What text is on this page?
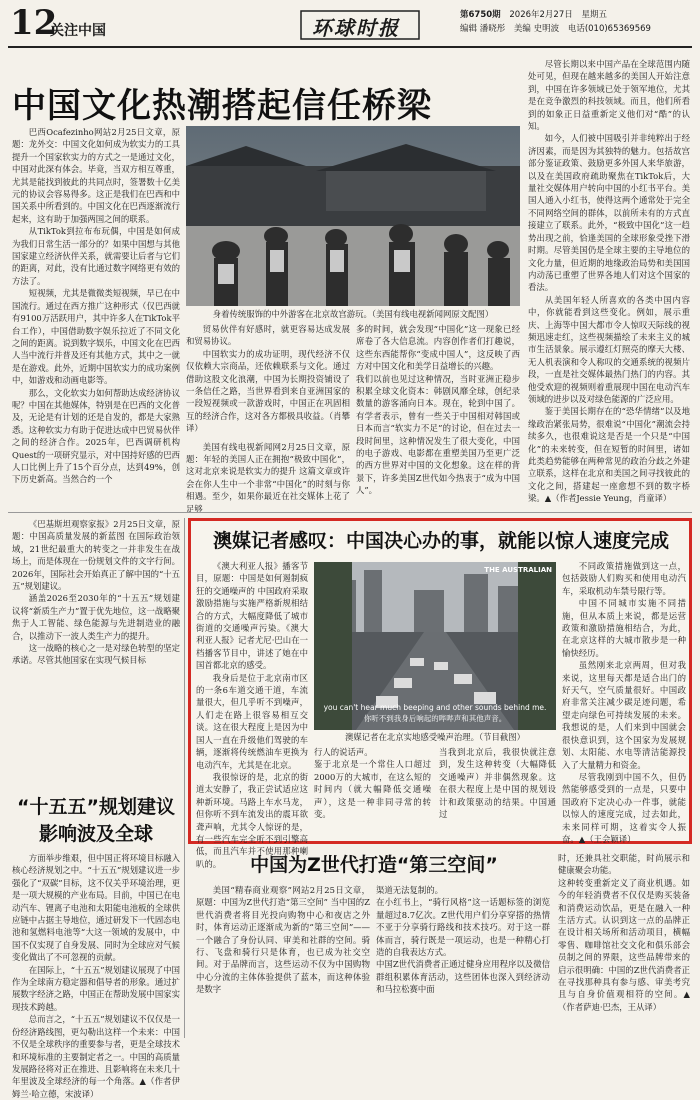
12
关注中国	环球时报
第6750期 2026年2月27日 星期五
编辑 潘晓彤 美编 史明波 电话(010)65369569
中国文化热潮搭起信任桥梁

巴西Ocafezinho网站2月25日文章，原题：龙外交：中国文化如何成为软实力的工具 提升一个国家软实力的方式之一是通过文化，中国对此深有体会。毕竟，当双方相互尊重，尤其是能找到彼此的共同点时，签署数十亿美元的协议会容易得多。这正是我们在巴西和中国关系中所看到的。中国文化在巴西逐渐流行起来，这有助于加强两国之间的联系。

从TikTok到拉布布玩偶，中国是如何成为我们日常生活一部分的？如果中国想与其他国家建立经济伙伴关系，就需要让后者与它们的距离，对此，没有比通过数字网络更有效的方法了。

短视频，尤其是微微类短视频，早已在中国流行。通过在西方推广这种形式（仅巴西就有9100万活跃用户，其中许多人在TikTok平台工作），中国借助数字娱乐拉近了不同文化之间的距离。说到数字娱乐，中国文化在巴西人当中流行并普及还有其他方式，其中之一就是在游戏。此外，近期中国软实力的成功案例中，如游戏和动画电影等。

那么，文化软实力如何帮助达成经济协议呢？中国在其他媒体，特别是在巴西的文化普及，无论是有计划的还是自发的，都是大家熟悉。这种软实力有助于促进达成中巴贸易伙伴之间的经济合作。2025年，巴西调研机构Quest的一项研究显示，对中国持好感的巴西人口比例上升了15个百分点，达到49%，创下历史新高。当然合约一个

身着传统服饰的中外游客在北京故宫游玩。（美国有线电视新闻网原文配图）

贸易伙伴有好感时，就更容易达成发展和贸易协议。

中国软实力的成功证明，现代经济不仅仅依赖大宗商品，还依赖联系与文化。通过借助这股文化浪潮，中国为长期投资铺设了一条信任之路，当世界看到来自亚洲国家的一段短视频或一款游戏时，中国正在巩固相互的经济合作，这对各方都极具收益。（肖攀译）

美国有线电视新闻网2月25日文章，原题：年轻的美国人正在拥抱“极致中国化”，这对北京来说是软实力的提升 这篇文章或许会在你人生中一个非常“中国化”的时刻与你相遇。至少，如果你最近在社交媒体上花了足够

多的时间，就会发现“中国化”这一现象已经席卷了各大信息流。内容创作者们打趣说，这些东西能帮你“变成中国人”，这反映了西方对中国文化和美学日益增长的兴趣。
我们以前也见过这种情况，当时亚洲正稳步积累全球文化资本：韩剧风靡全球，创纪录数量的游客涌向日本。现在，轮到中国了。有学者表示，曾有一些关于中国相对韩国或日本而言“软实力不足”的讨论，但在过去一段时间里，这种情况发生了很大变化，中国的电子游戏、电影都在重塑美国乃至更广泛的西方世界对中国的文化想象。这在样的背景下，许多美国Z世代如今热衷于“成为中国人”。

尽管长期以来中国产品在全球范围内随处可见，但现在越来越多的美国人开始注意到，中国在许多领域已处于领军地位，尤其是在竞争激烈的科技领域。而且，他们所看到的如象正日益重新定义他们对“酷”的认知。

如今，人们被中国吸引并非纯粹出于经济因素，而是因为其独特的魅力。包括故宫部分鉴证政策、鼓励更多外国人来华旅游，以及在美国政府疏助聚焦在TikTok后，大量社交媒体用户转向中国的小红书平台。美国人通入小红书，使得这两个通常处于完全不同网络空间的群体，以前所未有的方式直接建立了联系。此外，“极致中国化”这一趋势出现之前，恰逢美国的全球形象受挫下滑时期。尽管美国仍是全球主要的主导地位的文化力量，但近期的地缘政治局势和美国国内动荡已重塑了世界各地人们对这个国家的看法。

从美国年轻人所喜欢的各类中国内容中，你就能看到这些变化。例如，展示重庆、上海等中国大都市令人惊叹天际线的视频迅速走红，这些视频描绘了未来主义的城市生活景象。展示遵红灯照亮的摩天大楼、无人机表演和令人称叹的交通系统的视频片段，一直是社交媒体最热门热门的内容。其他受欢迎的视频则着重展现中国在电动汽车领域的进步以及对绿色能源的广泛应用。

鉴于美国长期存在的“恐华情绪”以及地缘政治紧张局势，很难说“中国化”潮流会持续多久，也很难说这是否是一个只是“中国化”的未来转变，但在短暂的时间里，诸如此类趋势能够在两种常见的政治分歧之外建立联系，这样在北京和美国之间寻找彼此的文化之间，搭建起一座愈想不到的数字桥梁。▲（作者Jessie Yeung，肖童译）

《巴基斯坦观察家报》2月25日文章，原题：中国高质量发展的新蓝图 在国际政治领域，21世纪最重大的转变之一并非发生在战场上，而是体现在一份规划文件的文字行间。2026年，国际社会开始真正了解中国的“十五五”规划建议。

涵盖2026至2030年的“十五五”规划建议将“新质生产力”置于优先地位，这一战略聚焦于人工智能、绿色能源与先进制造业的融合，以推动下一波人类生产力的提升。

这一战略的核心之一是对绿色转型的坚定承诺。尽管其他国家在实现气候目标

“十五五”规划建议影响波及全球

方面举步维艰，但中国正将环境目标融入核心经济规划之中。“十五五”规划建议进一步强化了“双碳”目标，这不仅关乎环境治理，更是一项大规模的产业布局。目前，中国已在电动汽车、锂离子电池和太阳能电池板的全球供应链中占据主导地位，通过研发下一代固态电池和氢燃料电池等“大这一领域的发展中，中国不仅实现了自身发展、同时为全球应对气候变化做出了不可忽视的贡献。

在国际上，“十五五”规划建议展现了中国作为全球南方稳定器和倡导者的形象。通过扩展数字经济之路，中国正在帮助发展中国家实现技术跨越。

总而言之，“十五五”规划建议不仅仅是一份经济路线图，更勾勒出这样一个未来：中国不仅是全球秩序的重要参与者，更是全球技术和环境标准的主要制定者之一。中国的高质量发展路径将对正在推进、且影响将在未来几十年里波及全球经济的每一个角落。▲（作者伊姆兰·哈立德，宋波译）

澳媒记者感叹：中国决心办的事，就能以惊人速度完成

《澳大利亚人报》播客节目，原题：中国是如何遏制疯狂的交通噪声的 中国政府采取激励措施与实施严格新规相结合的方式，大幅度降低了城市街道的交通噪声污染。《澳大利亚人报》记者尤尼·巴山在一档播客节目中，讲述了她在中国首都北京的感受。

我身后是位于北京南市区的一条6车道交通干道，车流量很大，但几乎听不到噪声，人们走在路上很容易相互交谈。这在很大程度上是因为中国人一直在升级他们驾驶的车辆，逐渐将传统燃油车更换为电动汽车，尤其是在北京。

我很惊讶的是，北京的街道太安静了，我正尝试适应这种新环境。马路上车水马龙，但你听不到车流发出的震耳欲聋声响，尤其令人惊讶的是，有一些汽车完全听不到引擎高低，而且汽车并不使用那种喇叭的。

THE AUSTRALIAN
you can't hear much beeping and other sounds behind me.
你听不到我身后响起的哔哔声和其他声音。
澳媒记者在北京实地感受噪声治理。（节目截图）
行人的说话声。
鉴于北京是一个常住人口超过2000万的大城市，在这么短的时间内（就大幅降低交通噪声），这是一种非同寻常的转变。
当我到北京后，我很快就注意到，发生这种转变（大幅降低交通噪声）并非偶然现象。这在很大程度上是中国的规划设计和政策驱动的结果。中国通过

不同政策措施做到这一点，包括鼓励人们购买和使用电动汽车，采取机动车禁号限行等。

中国不同城市实施不同措施，但从本质上来说，都是运营政策和激励措施相结合，为此，在北京这样的大城市散步是一种愉快经历。

虽然刚来北京两周，但对我来说，这里每天都是适合出门的好天气，空气质量很好。中国政府非常关注减少碳足迹问题，希望走向绿色可持续发展的未来。我想说的是，人们来到中国就会很快意识到，这个国家为发展规划、太阳能、水电等清洁能源投入了大量精力和资金。

尽管我刚到中国不久，但仍然能够感受到的一点是，只要中国政府下定决心办一件事，就能以惊人的速度完成，过去如此，未来同样可期，这着实令人振奋。▲（王会颖译）

中国为Z世代打造“第三空间”

美国“精春商业观察”网站2月25日文章，原题：中国为Z世代打造“第三空间” 当中国的Z世代消费者将目光投向购物中心和夜店之外时，体育运动正逐渐成为新的“第三空间”——一个融合了身份认同、审美和社群的空间。骑行、飞盘和骑行只是体育，也已成为社交空间。对于品牌而言，这些运动不仅为中国购物中心分流的主体体验提供了蓝本，而这种体验是数字

渠道无法复制的。
在小红书上，“骑行风格”这一话题标签的浏览量超过8.7亿次。Z世代用户们分享穿搭的热情不亚于分享骑行路线和技术技巧。对于这一群体而言，骑行既是一项运动，也是一种精心打造的自我表达方式。
中国Z世代消费者正通过健身应用程序以及微信群组积累体育活动，这些团体也深入到经济动和马拉松赛中面
时，还兼具社交职能，时尚展示和健康聚会功能。
这种转变重新定义了商业机遇。如今的年轻消费者不仅仅是购买装备和消费运动饮品，更是在融入一种生活方式。认识到这一点的品牌正在设计相关场所和活动项目，横幅零售、咖啡馆社交文化和俱乐部会员制之间的界限，这些品牌带来的启示很明确：中国的Z世代消费者正在寻找那种具有参与感、审美考究且与自身价值观相符的空间。▲（作者萨迪·巴杰，王从译）
